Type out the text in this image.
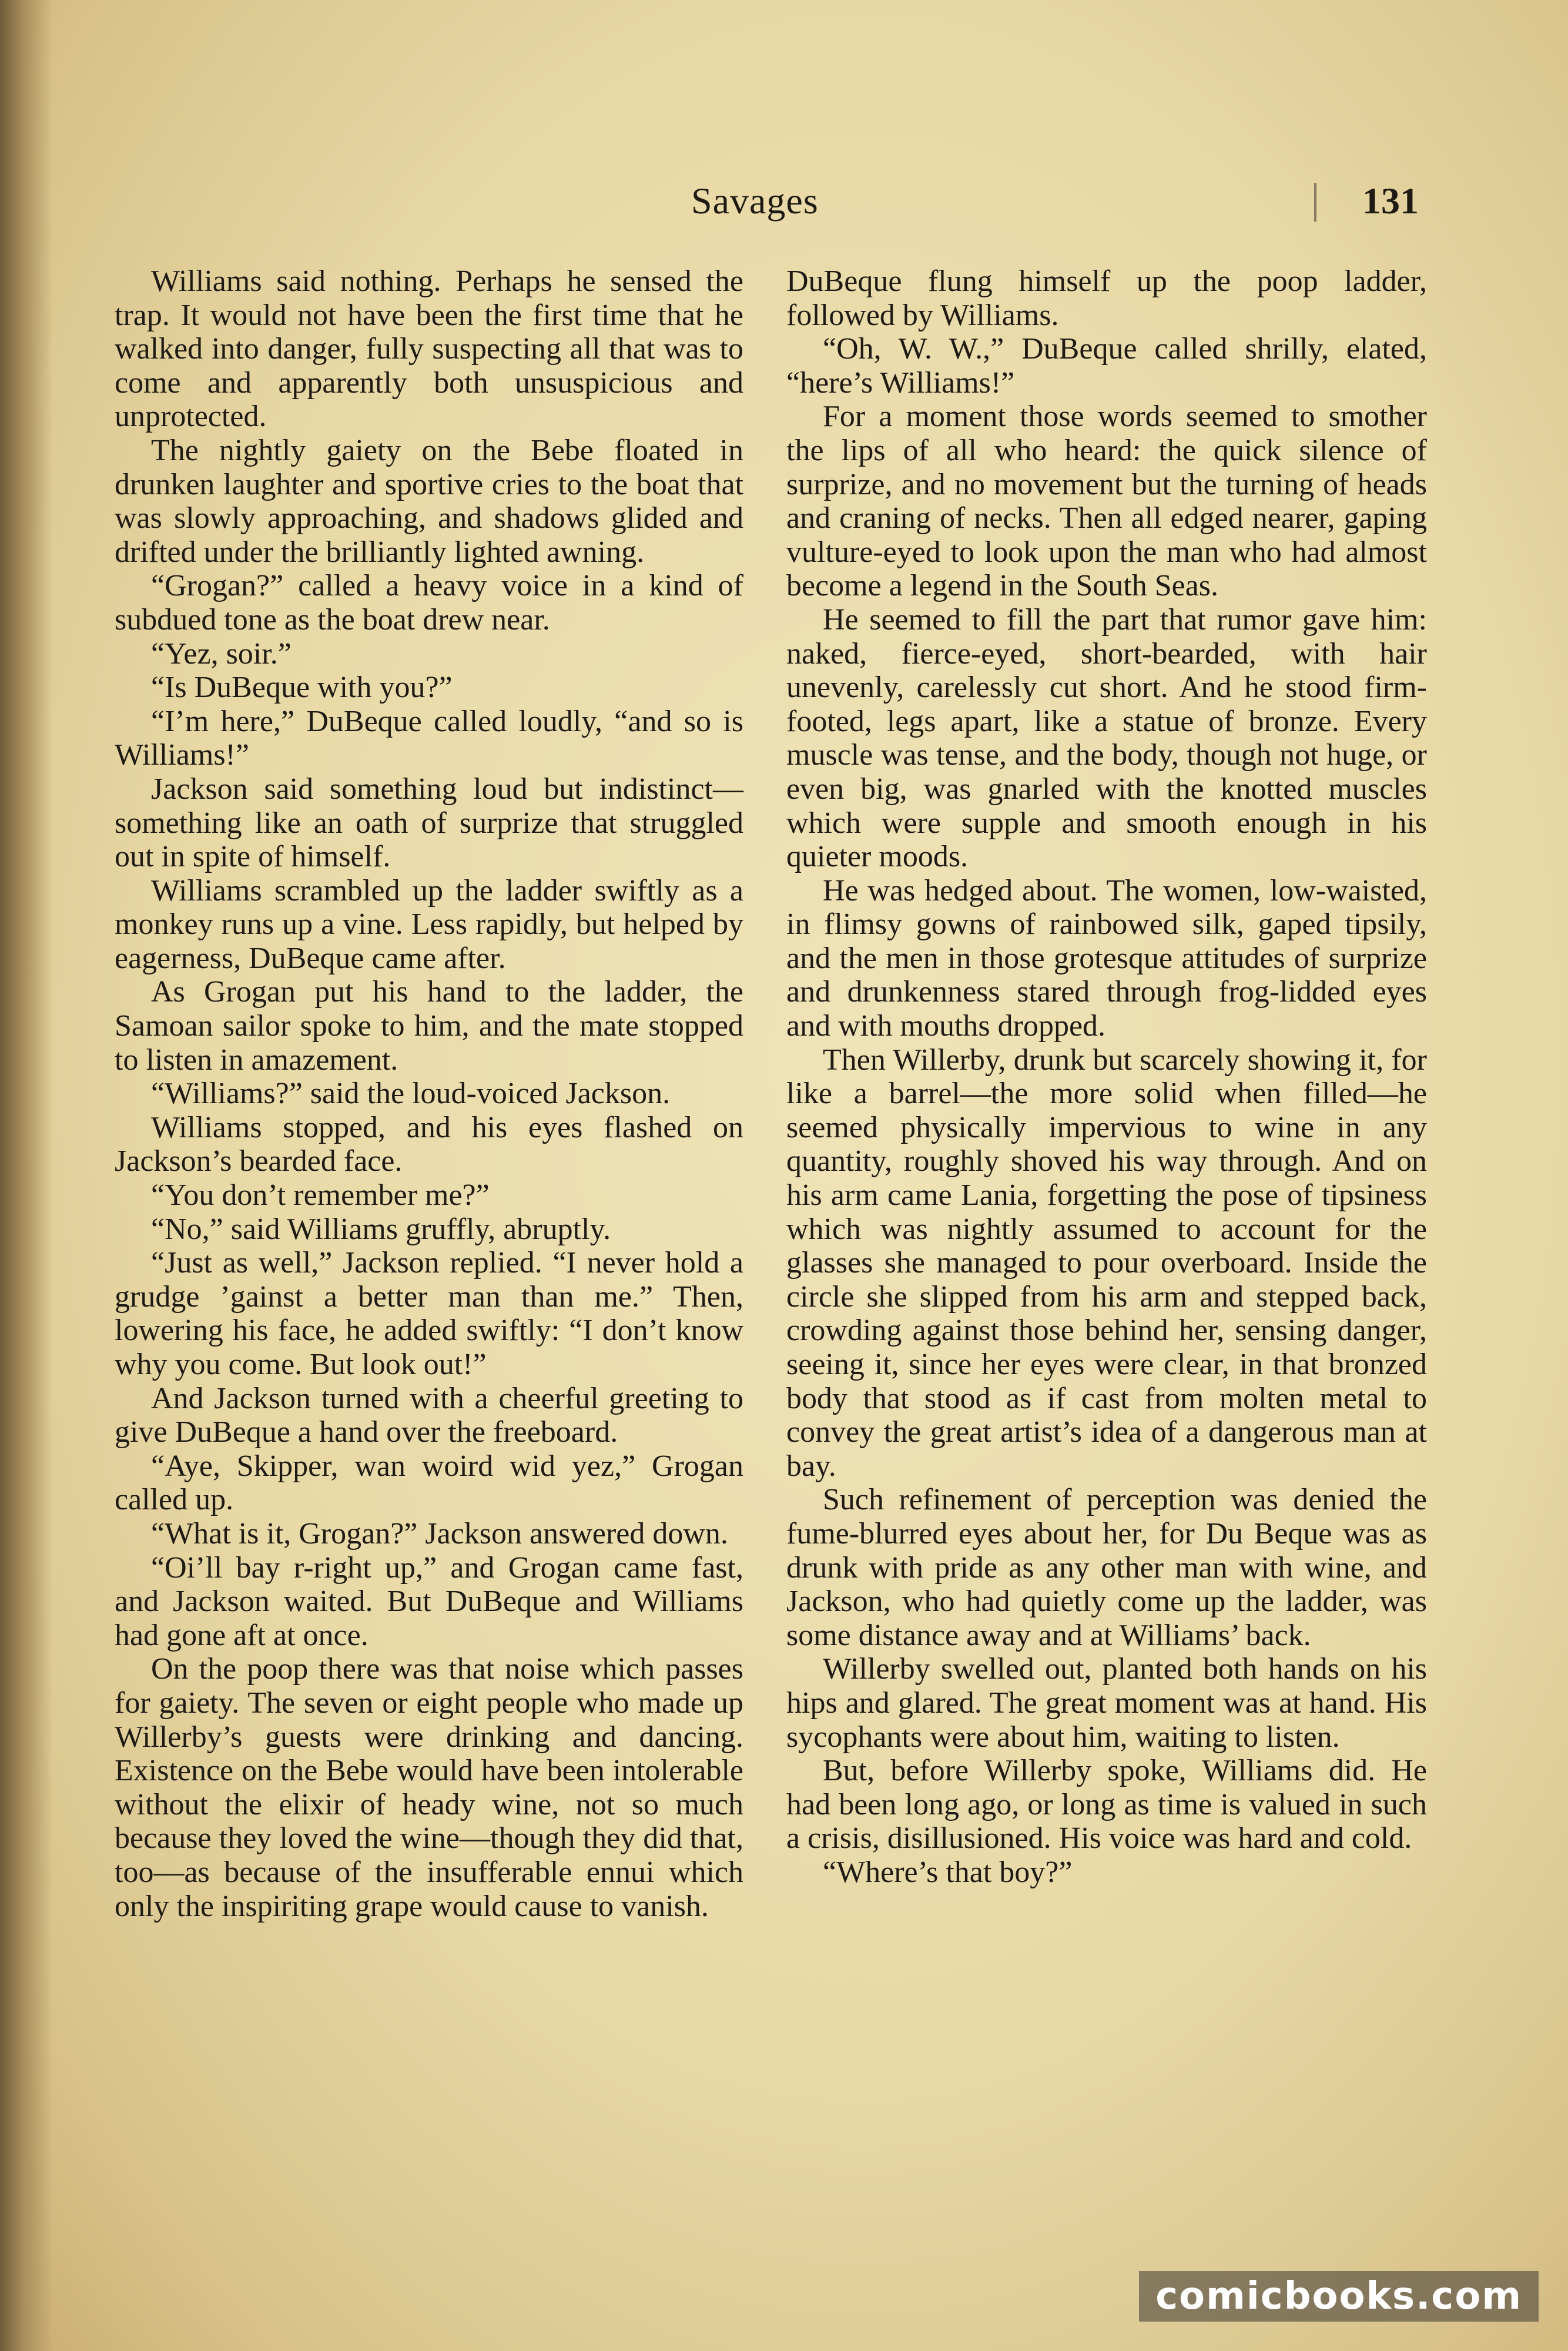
Savages	131

Williams said nothing. Perhaps he sensed the trap. It would not have been the first time that he walked into danger, fully suspecting all that was to come and apparently both unsuspicious and unprotected.

The nightly gaiety on the Bebe floated in drunken laughter and sportive cries to the boat that was slowly approaching, and shadows glided and drifted under the brilliantly lighted awning.

“Grogan?” called a heavy voice in a kind of subdued tone as the boat drew near.

“Yez, soir.”

“Is DuBeque with you?”

“I’m here,” DuBeque called loudly, “and so is Williams!”

Jackson said something loud but indistinct—something like an oath of surprize that struggled out in spite of himself.

Williams scrambled up the ladder swiftly as a monkey runs up a vine. Less rapidly, but helped by eagerness, DuBeque came after.

As Grogan put his hand to the ladder, the Samoan sailor spoke to him, and the mate stopped to listen in amazement.

“Williams?” said the loud-voiced Jackson.

Williams stopped, and his eyes flashed on Jackson’s bearded face.

“You don’t remember me?”

“No,” said Williams gruffly, abruptly.

“Just as well,” Jackson replied. “I never hold a grudge ’gainst a better man than me.” Then, lowering his face, he added swiftly: “I don’t know why you come. But look out!”

And Jackson turned with a cheerful greeting to give DuBeque a hand over the freeboard.

“Aye, Skipper, wan woird wid yez,” Grogan called up.

“What is it, Grogan?” Jackson answered down.

“Oi’ll bay r-right up,” and Grogan came fast, and Jackson waited. But DuBeque and Williams had gone aft at once.

On the poop there was that noise which passes for gaiety. The seven or eight people who made up Willerby’s guests were drinking and dancing. Existence on the Bebe would have been intolerable without the elixir of heady wine, not so much because they loved the wine—though they did that, too—as because of the insufferable ennui which only the inspiriting grape would cause to vanish.

DuBeque flung himself up the poop ladder, followed by Williams.

“Oh, W. W.,” DuBeque called shrilly, elated, “here’s Williams!”

For a moment those words seemed to smother the lips of all who heard: the quick silence of surprize, and no movement but the turning of heads and craning of necks. Then all edged nearer, gaping vulture-eyed to look upon the man who had almost become a legend in the South Seas.

He seemed to fill the part that rumor gave him: naked, fierce-eyed, short-bearded, with hair unevenly, carelessly cut short. And he stood firm-footed, legs apart, like a statue of bronze. Every muscle was tense, and the body, though not huge, or even big, was gnarled with the knotted muscles which were supple and smooth enough in his quieter moods.

He was hedged about. The women, low-waisted, in flimsy gowns of rainbowed silk, gaped tipsily, and the men in those grotesque attitudes of surprize and drunkenness stared through frog-lidded eyes and with mouths dropped.

Then Willerby, drunk but scarcely showing it, for like a barrel—the more solid when filled—he seemed physically impervious to wine in any quantity, roughly shoved his way through. And on his arm came Lania, forgetting the pose of tipsiness which was nightly assumed to account for the glasses she managed to pour overboard. Inside the circle she slipped from his arm and stepped back, crowding against those behind her, sensing danger, seeing it, since her eyes were clear, in that bronzed body that stood as if cast from molten metal to convey the great artist’s idea of a dangerous man at bay.

Such refinement of perception was denied the fume-blurred eyes about her, for Du Beque was as drunk with pride as any other man with wine, and Jackson, who had quietly come up the ladder, was some distance away and at Williams’ back.

Willerby swelled out, planted both hands on his hips and glared. The great moment was at hand. His sycophants were about him, waiting to listen.

But, before Willerby spoke, Williams did. He had been long ago, or long as time is valued in such a crisis, disillusioned. His voice was hard and cold.

“Where’s that boy?”

comicbooks.com
